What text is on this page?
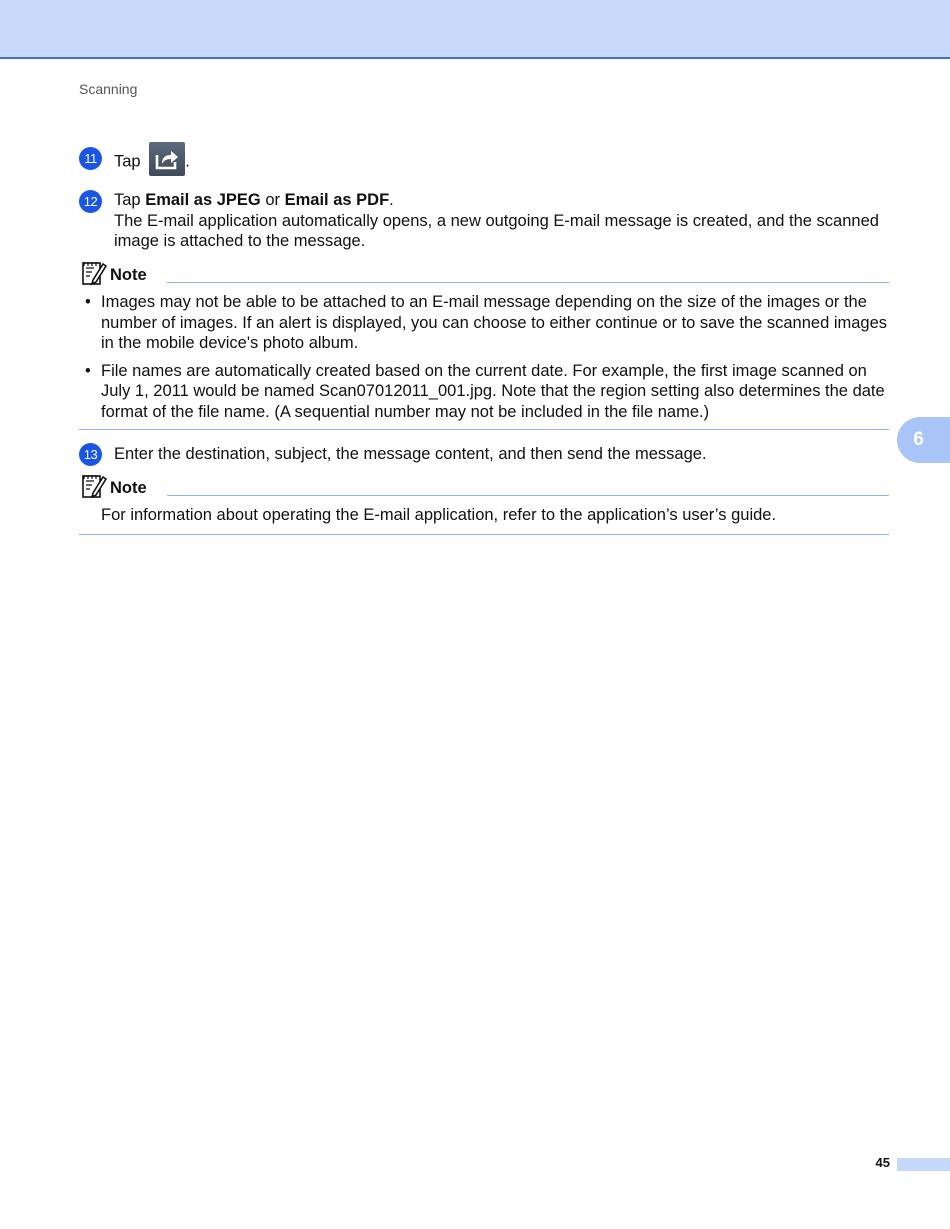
Scanning
11	Tap
.
12 Tap Email as JPEG or Email as PDF.
The E-mail application automatically opens, a new outgoing E-mail message is created, and the scanned image is attached to the message.
Note
• Images may not be able to be attached to an E-mail message depending on the size of the images or the number of images. If an alert is displayed, you can choose to either continue or to save the scanned images in the mobile device's photo album.
• File names are automatically created based on the current date. For example, the first image scanned on July 1, 2011 would be named Scan07012011_001.jpg. Note that the region setting also determines the date format of the file name. (A sequential number may not be included in the file name.)
13 Enter the destination, subject, the message content, and then send the message.
Note
For information about operating the E-mail application, refer to the application’s user’s guide.
6
45
